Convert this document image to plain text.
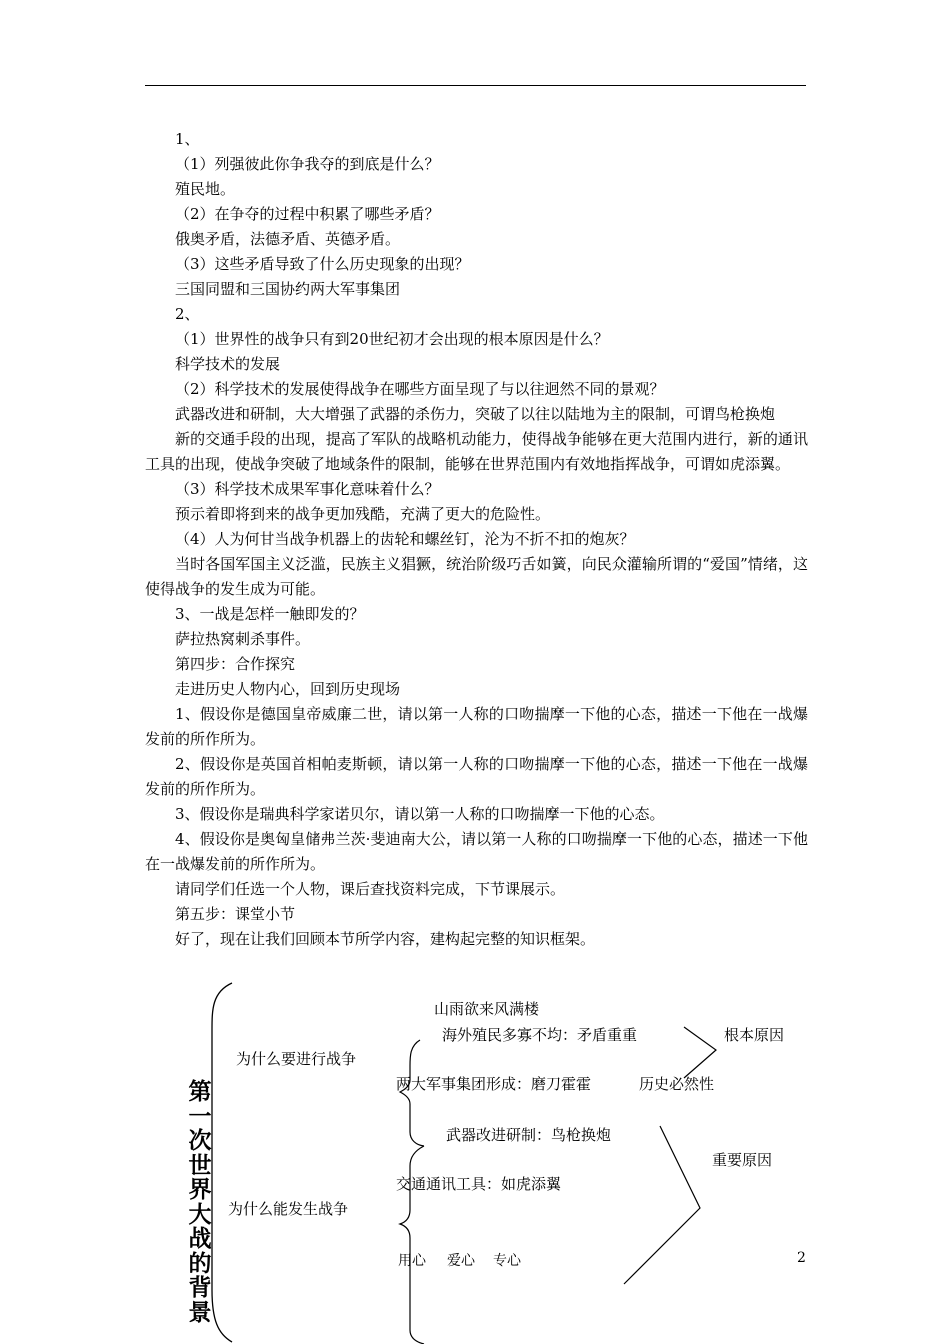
1、

（1）列强彼此你争我夺的到底是什么？

殖民地。

（2）在争夺的过程中积累了哪些矛盾？

俄奥矛盾，法德矛盾、英德矛盾。

（3）这些矛盾导致了什么历史现象的出现？

三国同盟和三国协约两大军事集团

2、

（1）世界性的战争只有到20世纪初才会出现的根本原因是什么？

科学技术的发展

（2）科学技术的发展使得战争在哪些方面呈现了与以往迥然不同的景观？

武器改进和研制，大大增强了武器的杀伤力，突破了以往以陆地为主的限制，可谓鸟枪换炮

新的交通手段的出现，提高了军队的战略机动能力，使得战争能够在更大范围内进行，新的通讯工具的出现，使战争突破了地域条件的限制，能够在世界范围内有效地指挥战争，可谓如虎添翼。

（3）科学技术成果军事化意味着什么？

预示着即将到来的战争更加残酷，充满了更大的危险性。

（4）人为何甘当战争机器上的齿轮和螺丝钉，沦为不折不扣的炮灰？

当时各国军国主义泛滥，民族主义猖獗，统治阶级巧舌如簧，向民众灌输所谓的“爱国”情绪，这使得战争的发生成为可能。

3、一战是怎样一触即发的？

萨拉热窝刺杀事件。

第四步：合作探究

走进历史人物内心，回到历史现场

1、假设你是德国皇帝威廉二世，请以第一人称的口吻揣摩一下他的心态，描述一下他在一战爆发前的所作所为。

2、假设你是英国首相帕麦斯顿，请以第一人称的口吻揣摩一下他的心态，描述一下他在一战爆发前的所作所为。

3、假设你是瑞典科学家诺贝尔，请以第一人称的口吻揣摩一下他的心态。

4、假设你是奥匈皇储弗兰茨·斐迪南大公，请以第一人称的口吻揣摩一下他的心态，描述一下他在一战爆发前的所作所为。

请同学们任选一个人物，课后查找资料完成，下节课展示。

第五步：课堂小节

好了，现在让我们回顾本节所学内容，建构起完整的知识框架。

第一次世界大战的背景
为什么要进行战争
为什么能发生战争
山雨欲来风满楼
海外殖民多寡不均：矛盾重重
两大军事集团形成：磨刀霍霍	历史必然性
根本原因
武器改进研制：鸟枪换炮
交通通讯工具：如虎添翼
重要原因
用心 爱心 专心	2
